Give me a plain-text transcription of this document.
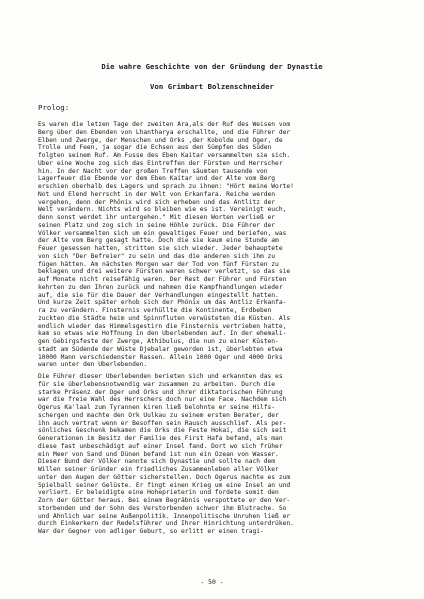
Die wahre Geschichte von der Gründung der Dynastie
Von Grimbart Bolzenschneider
Prolog:
Es waren die letzen Tage der zweiten Ära,als der Ruf des Weisen vom
Berg über den Ebenden von Lhantharya erschallte, und die Führer der
Elben und Zwerge, der Menschen und Orks ,der Kobolde und Oger, de
Trolle und Feen, ja sogar die Echsen aus den Sümpfen des Süden
folgten seinem Ruf. Am Fusse des Eben Kaitar versammelten sie sich.
Über eine Woche zog sich das Eintreffen der Fürsten und Herrscher
hin. In der Nacht vor der großen Treffen säumten tausende von
Lagerfeuer die Ebende vor dem Eben Kaitar und der Alte vom Berg
erschien oberhalb des Lagers und sprach zu ihnen: "Hört meine Worte!
Not und Elend herrscht in der Welt von Erkanfara. Reiche werden
vergehen, denn der Phönix wird sich erheben und das Antlitz der
Welt verändern. Nichts wird so bleiben wie es ist. Vereinigt euch,
denn sonst werdet ihr untergehen." Mit diesen Worten verließ er
seinen Platz und zog sich in seine Höhle zurück. Die Führer der
Völker versammelten sich um ein gewaltiges Feuer und beriefen, was
der Alte vom Berg gesagt hatte. Doch die sie kaum eine Stunde am
Feuer gesessen hatten, stritten sie sich wieder. Jeder behauptete
von sich "Der Befreier" zu sein und das die anderen sich ihm zu
fügen hätten. Am nächsten Morgen war der Tod von fünf Fürsten zu
beklagen und drei weitere Fürsten waren schwer verletzt, so das sie
auf Monate nicht reisefähig waren. Der Rest der Führer und Fürsten
kehrten zu den Ihren zurück und nahmen die Kampfhandlungen wieder
auf, die sie für die Dauer der Verhandlungen eingestellt hatten.
Und kurze Zeit später erhob sich der Phönix um das Antliz Erkanfa-
ra zu verändern. Finsternis verhüllte die Kontinente, Erdbeben
zuckten die Städte heim und Spinnfluten verwüsteten die Küsten. Als
endlich wieder das Himmelsgestirn die Finsternis vertrieben hatte,
kam so etwas wie Hoffnung in den Überlebenden auf. In der ehemali-
gen Gebirgsfeste der Zwerge, Athibulus, die nun zu einer Küsten-
stadt am Südende der Wüste Djebalar geworden ist, überlebten etwa
10000 Mann verschiedenster Rassen. Allein 1000 Oger und 4000 Orks
waren unter den Überlebenden.
Die Führer dieser Überlebenden berieten sich und erkannten das es
für sie überlebensnotwendig war zusammen zu arbeiten. Durch die
starke Präsenz der Oger und Orks und ihrer diktatorischen Führung
war die freie Wahl des Herrschers doch nur eine Face. Nachdem sich
Ogerus Ka'laal zum Tyrannen kiren ließ belohnte er seine Hilfs-
schergen und machte den Ork Uulkau zu seinem ersten Berater, der
ihn auch vertrat wenn er Besoffen sein Rausch ausschlief. Als per-
sönliches Geschenk bekamen die Orks die Feste Hokai, die sich seit
Generationen im Besitz der Familie des First Hafa befand, als man
diese fast unbeschädigt auf einer Insel fand. Dort wo sich früher
ein Meer von Sand und Dünen befand ist nun ein Ozean von Wasser.
Dieser Bund der Völker nannte sich Dynastie und sollte nach dem
Willen seiner Gründer ein friedliches Zusammenleben aller Völker
unter den Augen der Götter sicherstellen. Doch Ogerus machte es zum
Spielball seiner Gelüste. Er fingt einen Krieg um eine Insel an und
verliert. Er beleidigte eine Hoheprieterin und fordete somit den
Zorn der Götter heraus. Bei einem Begräbnis verspottete er den Ver-
storbenden und der Sohn des Verstorbenden schwor ihm Blutrache. So
und Ähnlich war seine Außenpolitik. Innenpolitische Unruhen ließ er
durch Einkerkern der Redelsführer und Ihrer Hinrichtung unterdrüken.
War der Gegner von adliger Geburt, so erlitt er einen tragi-
- 50 -
